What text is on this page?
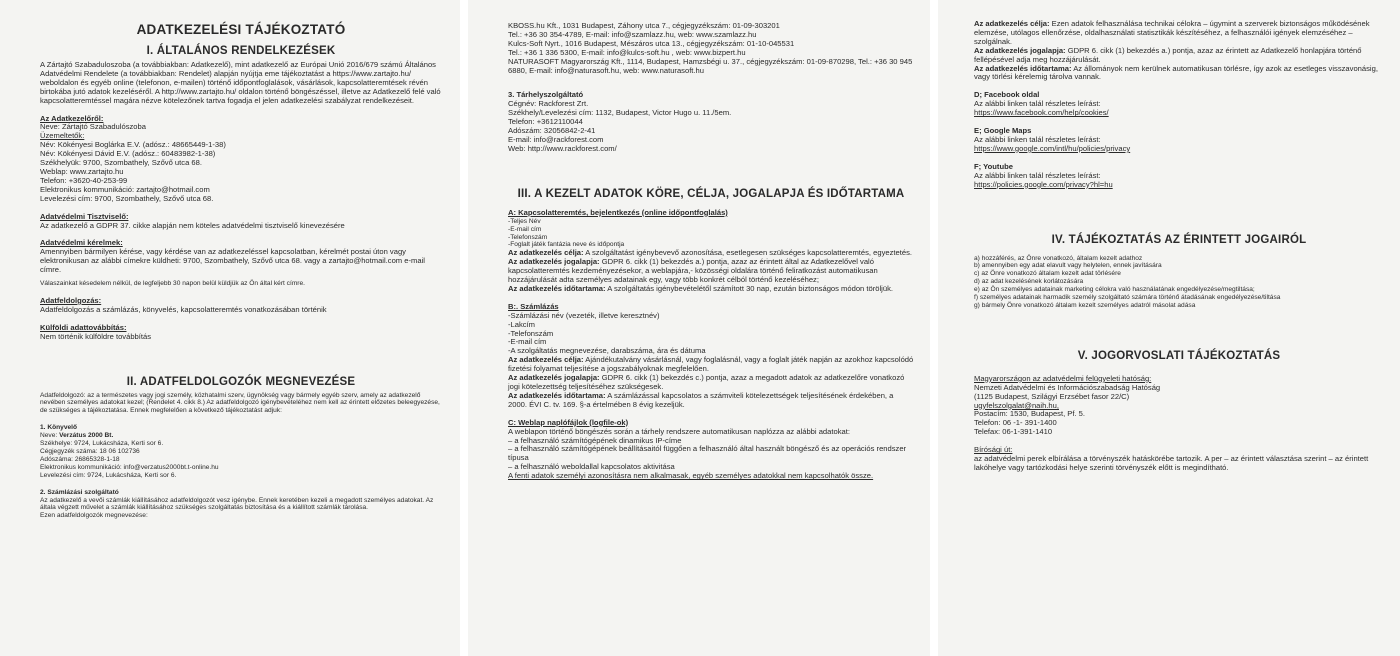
ADATKEZELÉSI TÁJÉKOZTATÓ

I. ÁLTALÁNOS RENDELKEZÉSEK

A Zártajtó Szabaduloszoba (a továbbiakban: Adatkezelő), mint adatkezelő az Európai Unió 2016/679 számú Általános Adatvédelmi Rendelete (a továbbiakban: Rendelet) alapján nyújtja eme tájékoztatást a https://www.zartajto.hu/ weboldalon és egyéb online (telefonon, e-mailen) történő időpontfoglalások, vásárlások, kapcsolatteremtések révén birtokába jutó adatok kezeléséről. A http://www.zartajto.hu/ oldalon történő böngészéssel, illetve az Adatkezelő felé való kapcsolatteremtéssel magára nézve kötelezőnek tartva fogadja el jelen adatkezelési szabályzat rendelkezéseit.

Az Adatkezelőről:

Neve: Zártajtó Szabadulószoba

Üzemeltetők:

Név: Kökényesi Boglárka E.V. (adósz.: 48665449-1-38)

Név: Kökényesi Dávid E.V. (adósz.: 60483982-1-38)

Székhelyük: 9700, Szombathely, Szővő utca 68.

Weblap: www.zartajto.hu

Telefon: +3620-40-253-99

Elektronikus kommunikáció: zartajto@hotmail.com

Levelezési cím: 9700, Szombathely, Szővő utca 68.

Adatvédelmi Tisztviselő:

Az adatkezelő a GDPR 37. cikke alapján nem köteles adatvédelmi tisztviselő kinevezésére

Adatvédelmi kérelmek:

Amennyiben bármilyen kérése, vagy kérdése van az adatkezeléssel kapcsolatban, kérelmét postai úton vagy elektronikusan az alábbi címekre küldheti: 9700, Szombathely, Szővő utca 68. vagy a zartajto@hotmail.com e-mail címre.

Válaszainkat késedelem nélkül, de legfeljebb 30 napon belül küldjük az Ön által kért címre.

Adatfeldolgozás:

Adatfeldolgozás a számlázás, könyvelés, kapcsolatteremtés vonatkozásában történik

Külföldi adattovábbítás:

Nem történik külföldre továbbítás

II. ADATFELDOLGOZÓK MEGNEVEZÉSE

Adatfeldolgozó: az a természetes vagy jogi személy, közhatalmi szerv, ügynökség vagy bármely egyéb szerv, amely az adatkezelő nevében személyes adatokat kezel; (Rendelet 4. cikk 8.) Az adatfeldolgozó igénybevételéhez nem kell az érintett előzetes beleegyezése, de szükséges a tájékoztatása. Ennek megfelelően a következő tájékoztatást adjuk:

1. Könyvelő

Neve: Verzátus 2000 Bt.

Székhelye: 9724, Lukácsháza, Kerti sor 6.

Cégjegyzék száma: 18 06 102736

Adószáma: 26865328-1-18

Elektronikus kommunikáció: info@verzatus2000bt.t-online.hu

Levelezési cím: 9724, Lukácsháza, Kerti sor 6.

2. Számlázási szolgáltató

Az adatkezelő a vevői számlák kiállításához adatfeldolgozót vesz igénybe. Ennek keretében kezeli a megadott személyes adatokat. Az általa végzett művelet a számlák kiállításához szükséges szolgáltatás biztosítása és a kiállított számlák tárolása.

Ezen adatfeldolgozók megnevezése:

KBOSS.hu Kft., 1031 Budapest, Záhony utca 7., cégjegyzékszám: 01-09-303201

Tel.: +36 30 354-4789, E-mail: info@szamlazz.hu, web: www.szamlazz.hu

Kulcs-Soft Nyrt., 1016 Budapest, Mészáros utca 13., cégjegyzékszám: 01-10-045531

Tel.: +36 1 336 5300, E-mail: info@kulcs-soft.hu , web: www.bizpert.hu

NATURASOFT Magyarország Kft., 1114, Budapest, Hamzsbégi u. 37., cégjegyzékszám: 01-09-870298, Tel.: +36 30 945 6880, E-mail: info@naturasoft.hu, web: www.naturasoft.hu

3. Tárhelyszolgáltató

Cégnév: Rackforest Zrt.

Székhely/Levelezési cím: 1132, Budapest, Victor Hugo u. 11./5em.

Telefon: +3612110044

Adószám: 32056842-2-41

E-mail: info@rackforest.com

Web: http://www.rackforest.com/

III. A KEZELT ADATOK KÖRE, CÉLJA, JOGALAPJA ÉS IDŐTARTAMA

A: Kapcsolatteremtés, bejelentkezés (online időpontfoglalás)

-Teljes Név

-E-mail cím

-Telefonszám

-Foglalt játék fantázia neve és időpontja

Az adatkezelés célja: A szolgáltatást igénybevevő azonosítása, esetlegesen szükséges kapcsolatteremtés, egyeztetés.

Az adatkezelés jogalapja: GDPR 6. cikk (1) bekezdés a.) pontja, azaz az érintett által az Adatkezelővel való kapcsolatteremtés kezdeményezésekor, a weblapjára,- közösségi oldalára történő feliratkozást automatikusan hozzájárulását adta személyes adatainak egy, vagy több konkrét célból történő kezeléséhez;

Az adatkezelés időtartama: A szolgáltatás igénybevételétől számított 30 nap, ezután biztonságos módon töröljük.

B:. Számlázás

-Számlázási név (vezeték, illetve keresztnév)

-Lakcím

-Telefonszám

-E-mail cím

-A szolgáltatás megnevezése, darabszáma, ára és dátuma

Az adatkezelés célja: Ajándékutalvány vásárlásnál, vagy foglalásnál, vagy a foglalt játék napján az azokhoz kapcsolódó fizetési folyamat teljesítése a jogszabályoknak megfelelően.

Az adatkezelés jogalapja: GDPR 6. cikk (1) bekezdés c.) pontja, azaz a megadott adatok az adatkezelőre vonatkozó jogi kötelezettség teljesítéséhez szükségesek.

Az adatkezelés időtartama: A számlázással kapcsolatos a számviteli kötelezettségek teljesítésének érdekében, a 2000. ÉVI C. tv. 169. §-a értelmében 8 évig kezeljük.

C: Weblap naplófájlok (logfile-ok)

A weblapon történő böngészés során a tárhely rendszere automatikusan naplózza az alábbi adatokat:

– a felhasználó számítógépének dinamikus IP-címe

– a felhasználó számítógépének beállításaitól függően a felhasználó által használt böngésző és az operációs rendszer típusa

– a felhasználó weboldallal kapcsolatos aktivitása

A fenti adatok személyi azonosításra nem alkalmasak, egyéb személyes adatokkal nem kapcsolhatók össze.

Az adatkezelés célja: Ezen adatok felhasználása technikai célokra – úgymint a szerverek biztonságos működésének elemzése, utólagos ellenőrzése, oldalhasználati statisztikák készítéséhez, a felhasználói igények elemzéséhez – szolgálnak.

Az adatkezelés jogalapja: GDPR 6. cikk (1) bekezdés a.) pontja, azaz az érintett az Adatkezelő honlapjára történő fellépésével adja meg hozzájárulását.

Az adatkezelés időtartama: Az állományok nem kerülnek automatikusan törlésre, így azok az esetleges visszavonásig, vagy törlési kérelemig tárolva vannak.

D; Facebook oldal

Az alábbi linken talál részletes leírást:

https://www.facebook.com/help/cookies/

E; Google Maps

Az alábbi linken talál részletes leírást:

https://www.google.com/intl/hu/policies/privacy

F; Youtube

Az alábbi linken talál részletes leírást:

https://policies.google.com/privacy?hl=hu

IV. TÁJÉKOZTATÁS AZ ÉRINTETT JOGAIRÓL

a) hozzáférés, az Önre vonatkozó, általam kezelt adathoz

b) amennyiben egy adat elavult vagy helytelen, ennek javítására

c) az Önre vonatkozó általam kezelt adat törlésére

d) az adat kezelésének korlátozására

e) az Ön személyes adatainak marketing célokra való használatának engedélyezése/megtiltása;

f) személyes adatainak harmadik személy szolgáltató számára történő átadásának engedélyezése/tiltása

g) bármely Önre vonatkozó általam kezelt személyes adatról másolat adása

V. JOGORVOSLATI TÁJÉKOZTATÁS

Magyarországon az adatvédelmi felügyeleti hatóság:

Nemzeti Adatvédelmi és Információszabadság Hatóság

(1125 Budapest, Szilágyi Erzsébet fasor 22/C)

ugyfelszolgalat@naih.hu,

Postacím: 1530, Budapest, Pf. 5.

Telefon: 06 -1- 391-1400

Telefax: 06-1-391-1410

Bírósági út:

az adatvédelmi perek elbírálása a törvényszék hatáskörébe tartozik. A per – az érintett választása szerint – az érintett lakóhelye vagy tartózkodási helye szerinti törvényszék előtt is megindítható.
